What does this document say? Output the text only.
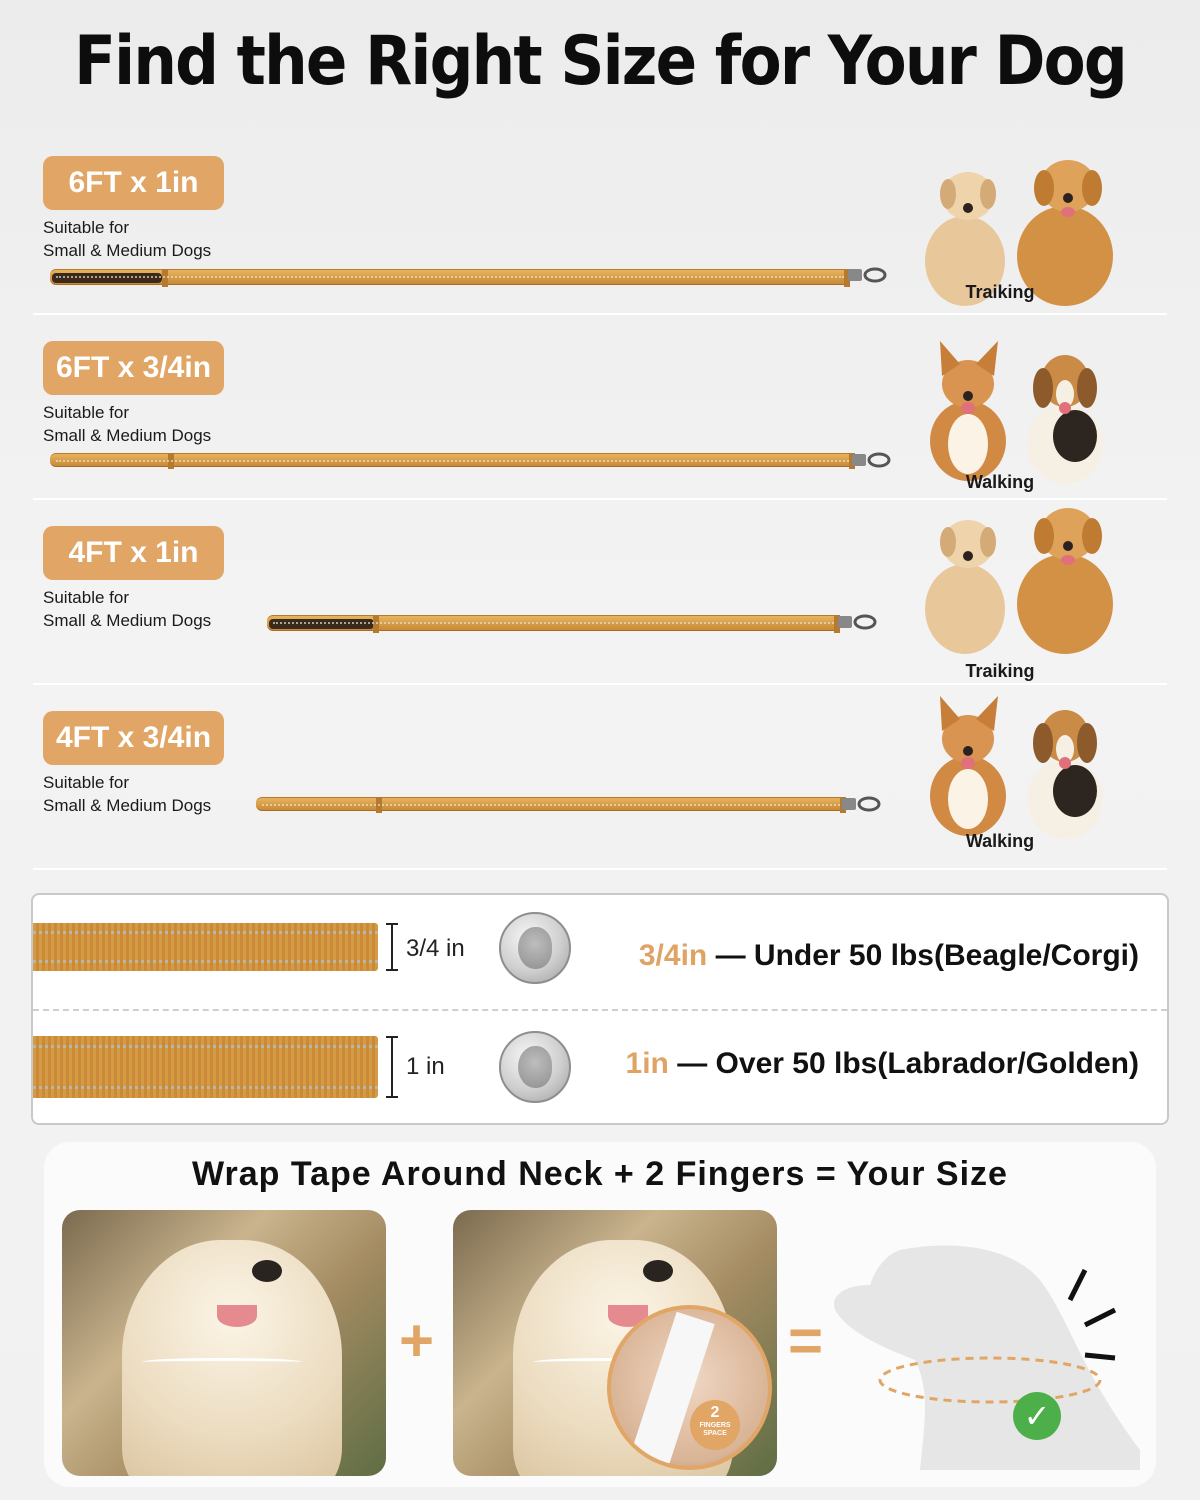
Find the Right Size for Your Dog
6FT x 1in
Suitable for
Small & Medium Dogs
Traiking
6FT x 3/4in
Suitable for
Small & Medium Dogs
Walking
4FT x 1in
Suitable for
Small & Medium Dogs
Traiking
4FT x 3/4in
Suitable for
Small & Medium Dogs
Walking
3/4 in	3/4in — Under 50 lbs(Beagle/Corgi)
1 in	1in — Over 50 lbs(Labrador/Golden)
Wrap Tape Around Neck + 2 Fingers = Your Size
+
2
FINGERS SPACE
=
✓
